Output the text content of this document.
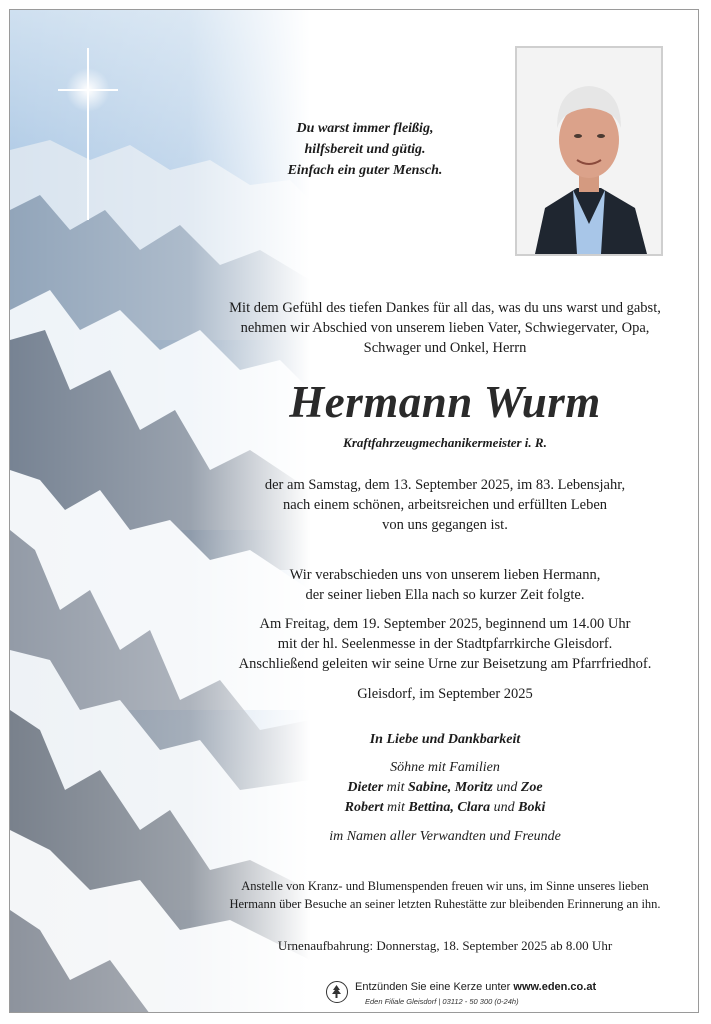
Du warst immer fleißig,
hilfsbereit und gütig.
Einfach ein guter Mensch.
Mit dem Gefühl des tiefen Dankes für all das, was du uns warst und gabst,
nehmen wir Abschied von unserem lieben Vater, Schwiegervater, Opa,
Schwager und Onkel, Herrn
Hermann Wurm
Kraftfahrzeugmechanikermeister i. R.
der am Samstag, dem 13. September 2025, im 83. Lebensjahr,
nach einem schönen, arbeitsreichen und erfüllten Leben
von uns gegangen ist.
Wir verabschieden uns von unserem lieben Hermann,
der seiner lieben Ella nach so kurzer Zeit folgte.
Am Freitag, dem 19. September 2025, beginnend um 14.00 Uhr
mit der hl. Seelenmesse in der Stadtpfarrkirche Gleisdorf.
Anschließend geleiten wir seine Urne zur Beisetzung am Pfarrfriedhof.
Gleisdorf, im September 2025
In Liebe und Dankbarkeit
Söhne mit Familien
Dieter mit Sabine, Moritz und Zoe
Robert mit Bettina, Clara und Boki
im Namen aller Verwandten und Freunde
Anstelle von Kranz- und Blumenspenden freuen wir uns, im Sinne unseres lieben
Hermann über Besuche an seiner letzten Ruhestätte zur bleibenden Erinnerung an ihn.
Urnenaufbahrung: Donnerstag, 18. September 2025 ab 8.00 Uhr
Entzünden Sie eine Kerze unter www.eden.co.at
Eden Filiale Gleisdorf | 03112 - 50 300 (0-24h)
